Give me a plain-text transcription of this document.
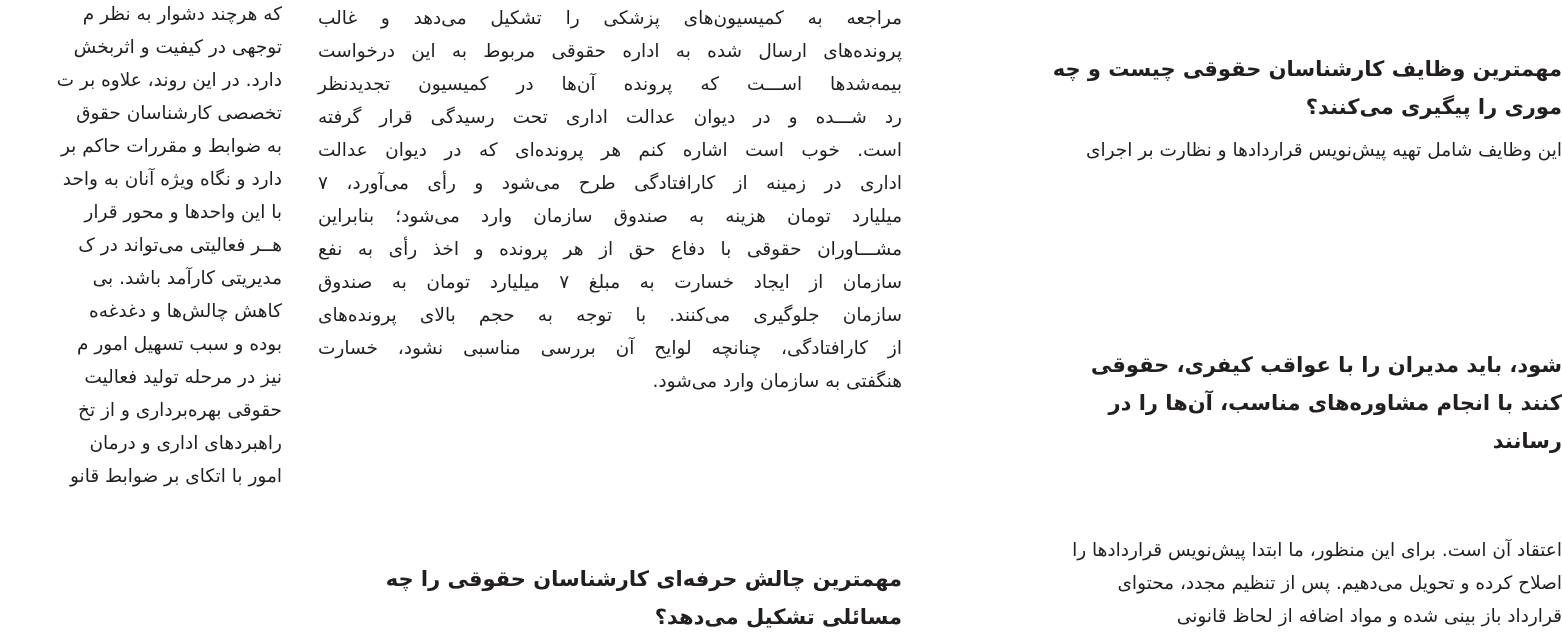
که هرچند دشوار به نظر م
توجهی در کیفیت و اثربخش
دارد. در این روند، علاوه بر ت
تخصصی کارشناسان حقوق
به ضوابط و مقررات حاکم بر
دارد و نگاه ویژه آنان به واحد
با این واحدها و محور قرار
هــر فعالیتی می‌تواند در ک
مدیریتی کارآمد باشد. بی
کاهش چالش‌ها و دغدغه‌ه
بوده و سبب تسهیل امور م
نیز در مرحله تولید فعالیت
حقوقی بهره‌برداری و از تخ
راهبردهای اداری و درمان
امور با اتکای بر ضوابط قانو
مراجعه به کمیسیون‌های پزشکی را تشکیل می‌دهد و غالب
پرونده‌های ارسال شده به اداره حقوقی مربوط به این درخواست
بیمه‌شدها اســـت که پرونده آن‌ها در کمیسیون تجدیدنظر
رد شـــده و در دیوان عدالت اداری تحت رسیدگی قرار گرفته
است. خوب است اشاره کنم هر پرونده‌ای که در دیوان عدالت
اداری در زمینه از کارافتادگی طرح می‌شود و رأی می‌آورد، ۷
میلیارد تومان هزینه به صندوق سازمان وارد می‌شود؛ بنابراین
مشـــاوران حقوقی با دفاع حق از هر پرونده و اخذ رأی به نفع
سازمان از ایجاد خسارت به مبلغ ۷ میلیارد تومان به صندوق
سازمان جلوگیری می‌کنند. با توجه به حجم بالای پرونده‌های
از کارافتادگی، چنانچه لوایح آن بررسی مناسبی نشود، خسارت
هنگفتی به سازمان وارد می‌شود.
مهمترین چالش حرفه‌ای کارشناسان حقوقی را چه
مسائلی تشکیل می‌دهد؟
مهمترین وظایف کارشناسان حقوقی چیست و چه
موری را پیگیری می‌کنند؟
این وظایف شامل تهیه پیش‌نویس قراردادها و نظارت بر اجرای
شود، باید مدیران را با عواقب کیفری، حقوقی
کنند با انجام مشاوره‌های مناسب، آن‌ها را در
رسانند
اعتقاد آن است. برای این منظور، ما ابتدا پیش‌نویس قراردادها را
اصلاح کرده و تحویل می‌دهیم. پس از تنظیم مجدد، محتوای
قرارداد باز بینی شده و مواد اضافه از لحاظ قانونی
